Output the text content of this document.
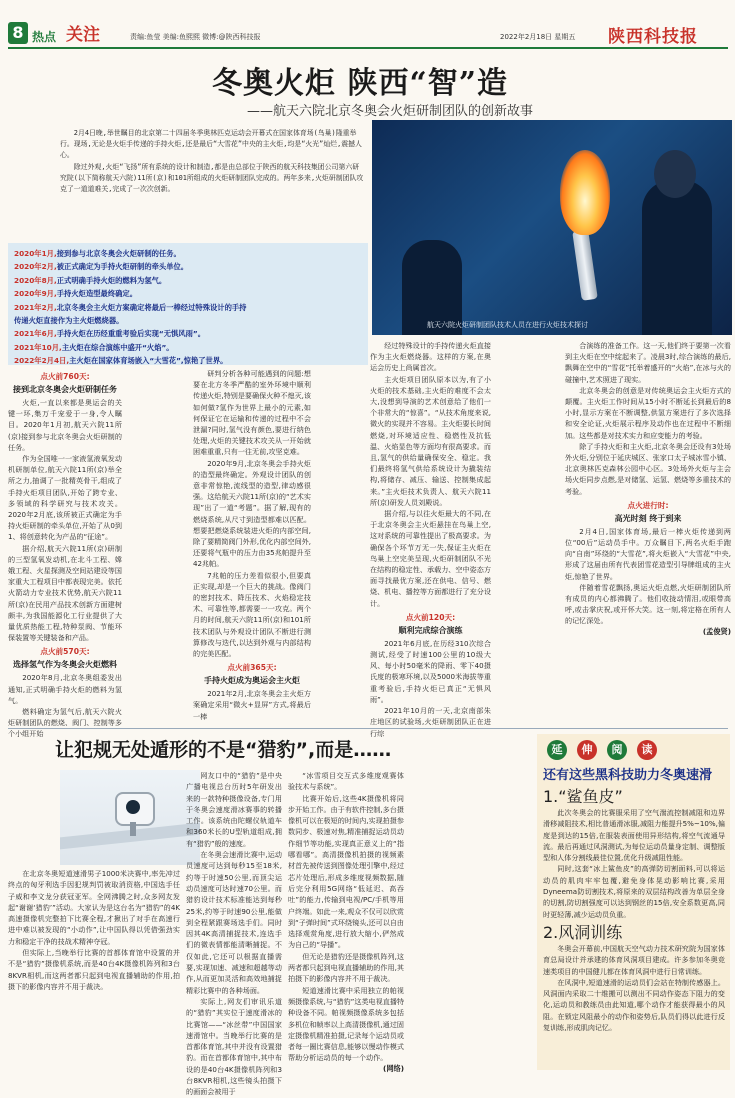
8 热点 关注	责编:鱼莹 美编:鱼熙熙 微博:@陕西科技报	2022年2月18日 星期五 陕西科技报
冬奥火炬 陕西“智”造
——航天六院北京冬奥会火炬研制团队的创新故事
2月4日晚,举世瞩目的北京第二十四届冬季奥林匹克运动会开幕式在国家体育场(鸟巢)隆重举行。现场,无论是火炬手传递的手持火炬,还是最后“大雪花”中央的主火炬,均是“火光”灿烂,震撼人心。
除过外观,火炬“飞扬”所有系统的设计和制造,都是由总部位于陕西的航天科技集团公司第六研究院(以下简称航天六院)11所(京)和101所组成的火炬研制团队完成的。两年多来,火炬研制团队攻克了一道道难关,完成了一次次创新。
航天六院火炬研制团队技术人员在进行火炬技术探讨
2020年1月,接到参与北京冬奥会火炬研制的任务。
2020年2月,被正式确定为手持火炬研制的牵头单位。
2020年8月,正式明确手持火炬的燃料为氢气。
2020年9月,手持火炬造型最终确定。
2021年2月,北京冬奥会主火炬方案确定将最后一棒经过特殊设计的手持
传递火炬直接作为主火炬燃烧器。
2021年6月,手持火炬在历经重重考验后实现“无惧风雨”。
2021年10月,主火炬在综合演练中盛开“火焰”。
2022年2月4日,主火炬在国家体育场嵌入“大雪花”,惊艳了世界。
点火前760天:
接到北京冬奥会火炬研制任务

火炬,一直以来都是奥运会的关键一环,集万千宠爱于一身,令人瞩目。2020年1月初,航天六院11所(京)接到参与北京冬奥会火炬研制的任务。

作为全国唯一一家液氢液氧发动机研制单位,航天六院11所(京)举全所之力,抽调了一批精英骨干,组成了手持火炬项目团队,开始了跨专业、多领域的科学研究与技术攻关。2020年2月底,该所被正式确定为手持火炬研制的牵头单位,开始了从0到1、将创意转化为产品的“征途”。

据介绍,航天六院11所(京)研制的三型氢氧发动机,在北斗工程、嫦娥工程、火星探测及空间站建设等国家重大工程项目中都表现完美。依托火箭动力专业技术优势,航天六院11所(京)在民用产品技术创新方面建树颇丰,为我国能源化工行业提供了大量优质热能工程,特种泵阀、节能环保装置等关键装备和产品。

点火前570天:
选择氢气作为冬奥会火炬燃料

2020年8月,北京冬奥组委发出通知,正式明确手持火炬的燃料为氢气。

燃料确定为氢气后,航天六院火炬研制团队的燃烧、阀门、控制等多个小组开始

研判分析各种可能遇到的问题:想要在北方冬季严酷的室外环境中顺利传递火炬,特别是要确保火种不熄灭,该如何做?氢作为世界上最小的元素,如何保证它在运输和传递的过程中不会泄漏?同时,氢气没有颜色,要进行纳色处理,火炬的关键技术攻关从一开始就困难重重,只有一往无前,攻坚克难。

2020年9月,北京冬奥会手持火炬的造型最终确定。外观设计团队的创意非常惊艳,流线型的造型,律动感很强。这给航天六院11所(京)的“艺术实现”出了一道“考题”。据了解,现有的燃烧系统,从尺寸到造型都难以匹配。想要把燃烧系统装进火炬的内部空间,除了要精简阀门外形,优化内部空间外,还要将气瓶中的压力由35兆帕提升至42兆帕。

7兆帕的压力差看似很小,但要真正实现,却是一个巨大的挑战。像阀门的密封技术、降压技术、火焰稳定技术、可靠性等,都需要一一攻克。两个月的时间,航天六院11所(京)和101所技术团队与外观设计团队不断进行测算修改与迭代,以达到外观与内部结构的完美匹配。

点火前365天:
手持火炬成为奥运会主火炬

2021年2月,北京冬奥会主火炬方案确定采用“微火+显屏”方式,将最后一棒

经过特殊设计的手持传递火炬直接作为主火炬燃烧器。这样的方案,在奥运会历史上尚属首次。

主火炬项目团队原本以为,有了小火炬的技术基础,主火炬的难度不会太大,没想到导演的艺术创意给了他们一个非常大的“惊喜”。“从技术角度来说,微火的实现并不容易。主火炬要长时间燃烧,对环境适应性、稳燃性及抗低温、火焰显色等方面均有很高要求。而且,氢气的供给量确保安全、稳定。我们最终将氢气供给系统设计为撬装结构,将储存、减压、输送、控制集成起来。”主火炬技术负责人、航天六院11所(京)研发人员刘殿说。

据介绍,与以往火炬最大的不同,在于北京冬奥会主火炬悬挂在鸟巢上空,这对系统的可靠性提出了极高要求。为确保各个环节万无一失,保证主火炬在鸟巢上空完美呈现,火炬研制团队不光在结构的稳定性、承载力、空中姿态方面寻找最优方案,还在供电、信号、燃烧、机电、播控等方面都进行了充分设计。

点火前120天:
顺利完成综合演练

2021年6月底,在历经310次综合测试,经受了时速100公里的10级大风、每小时50毫米的降雨、零下40摄氏度的极寒环境,以及5000米海拔等重重考验后,手持火炬已真正“无惧风雨”。

2021年10月的一天,北京南部朱庄地区的试验场,火炬研制团队正在进行综

合演练的准备工作。这一天,他们终于要第一次看到主火炬在空中绽起来了。凌晨3时,综合演练的最后,飘舞在空中的“雪花”托举着盛开的“火焰”,在冰与火的碰撞中,艺术照进了现实。

北京冬奥会的创意是对传统奥运会主火炬方式的颠覆。主火炬工作时间从15小时不断延长到最后的8小时,显示方案在不断调整,供氢方案进行了多次选择和安全论证,火炬展示程序及动作也在过程中不断细加。这些都是对技术实力和应变能力的考验。

除了手持火炬和主火炬,北京冬奥会还设有3处场外火炬,分别位于延庆城区、张家口太子城冰雪小镇、北京奥林匹克森林公园中心区。3处场外火炬与主会场火炬同步点燃,是对储氢、运氢、燃烧等多重技术的考验。

点火进行时:
高光时刻 终于到来

2月4日,国家体育场,最后一棒火炬传递到两位“00后”运动员手中。万众瞩目下,两名火炬手跑向“自南”环绕的“大雪花”,将火炬嵌入“大雪花”中央,形成了这届由所有代表团雪花造型引导牌组成的主火炬,惊艳了世界。

伴随着雪花飘扬,奥运火炬点燃,火炬研制团队所有成员的内心都沸腾了。他们收拢动情泪,或眼带高呼,或击掌庆祝,或开怀大笑。这一刻,将定格在所有人的记忆深处。

(孟俊贤)
让犯规无处遁形的不是“猎豹”,而是……

在北京冬奥短道速滑男子1000米决赛中,率先冲过终点的匈牙利选手因犯规判罚被取消资格,中国选手任子威和李文龙分获冠亚军。全网沸腾之时,众多网友发起“谢谢‘猎豹’”活动。大家认为是这台名为“猎豹”的4K高速摄像机完整拍下比赛全程,才揪出了对手在高速行进中难以被发现的“小动作”,让中国队得以凭借强劲实力和稳定干净的技战术精神夺冠。

但实际上,当晚举行比赛的首都体育馆中设置的并不是“猎豹”摄像机系统,而是40台4K摄像机阵列和3台8KVR相机,而这两者都只起到电视直播辅助的作用,拍摄下的影像内容并不用于裁决。

网友口中的“猎豹”是中央广播电视总台历时5年研发出来的一款特种摄像设备,专门用于冬奥会速度滑冰赛事的转播工作。该系统由陀螺仪轨道车和360米长的U型轨道组成,拥有“猎豹”般的速度。

在冬奥会速滑比赛中,运动员速度可达到每秒15至18米,约等于时速50公里,而顶尖运动员速度可达时速70公里。而猎豹设计技术标准能达到每秒25米,约等于时速90公里,能做到全程紧跟赛场选手们。同时因其4K高清捕捉技术,连选手们的微表情都能清晰捕捉。不仅如此,它还可以根据直播需要,实现加速、减速和超越等动作,从而更加灵活和高效地捕捉精彩比赛中的各种场面。

实际上,网友们审讯乐道的“猎豹”其实位于速度滑冰的比赛馆——“冰丝带”中国国家速滑馆中。当晚举行比赛的是首都体育馆,其中并没有设置猎豹。而在首都体育馆中,其中布设的是40台4K摄像机阵列和3台8KVR相机,这些镜头拍摄下的画面会被用于

“冰雪项目交互式多维度观赛体验技术与系统”。

比赛开始后,这些4K摄像机将同步开始工作。由于有软件控制,多台摄像机可以在极短的时间内,实现拍摄参数同步、极速对焦,精准捕捉运动员动作细节等功能,实现真正意义上的“指哪看哪”。高清摄像机拍摄的视频素材首先被传送到图像处理引擎中,经过芯片处理后,形成多维度视频数据,随后完分利用5G网络“低延迟、高吞吐”的能力,传输到电视/PC/手机等用户终端。如此一来,观众不仅可以欣赏到“子弹时间”式环绕镜头,还可以自由选择观赏角度,进行放大缩小,俨然成为自己的“导播”。

但无论是猎豹还是摄像机阵列,这两者都只起到电视直播辅助的作用,其拍摄下的影像内容并不用于裁决。

短道速滑比赛中采用独立的帕视频摄像系统,与“猎豹”这类电视直播特种设备不同。帕视频摄像系统多包括多机位和帧率以上高清摄像机,通过固定摄像机精准拍摄,记录每个运动员或者每一圈比赛信息,能够以慢动作模式帮助分析运动员的每一个动作。

(网络)
延 伸 阅 读
还有这些黑科技助力冬奥速滑
1.“鲨鱼皮”

此次冬奥会的比赛服采用了空气湍流控制减阻和边界滑移减阻技术,相比普通滑冰服,减阻力能提升5%~10%,偏度是到达的15倍,在服装表面使用异形结构,将空气流通导流。最后再通过风洞测试,为每位运动员量身定制、调整版型和人体分割线最佳位置,优化升级减阻性能。

同时,这套“冰上鲨鱼皮”的高弹防切割面料,可以将运动员的肌肉牢牢包覆,避免身体晃动影响比赛,采用Dyneema防切割技术,将原来的双层结构改善为单层全身的切割,防切割强度可以达到钢丝的15倍,安全系数更高,同时更轻薄,减少运动员负重。

2.风洞训练

冬奥会开幕前,中国航天空气动力技术研究院为国家体育总局设计并承建的体育风洞项目建成。许多参加冬奥竞速类项目的中国健儿都在体育风洞中进行日常训练。

在风洞中,短道速滑的运动员们会站在特制传感器上。风洞面内采取二十维搬可以测出不同动作姿态下阻力的变化,运动员和教练员由此知道,哪个动作才能获得最小的风阻。在锁定风阻最小的动作和姿势后,队员们得以此进行反复训练,形成肌肉记忆。
